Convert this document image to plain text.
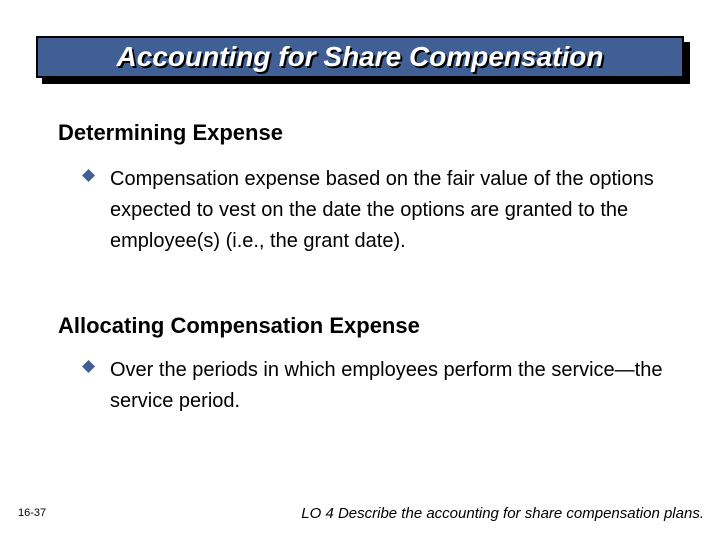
Accounting for Share Compensation
Determining Expense
Compensation expense based on the fair value of the options expected to vest on the date the options are granted to the employee(s) (i.e., the grant date).
Allocating Compensation Expense
Over the periods in which employees perform the service—the service period.
16-37	LO 4 Describe the accounting for share compensation plans.
